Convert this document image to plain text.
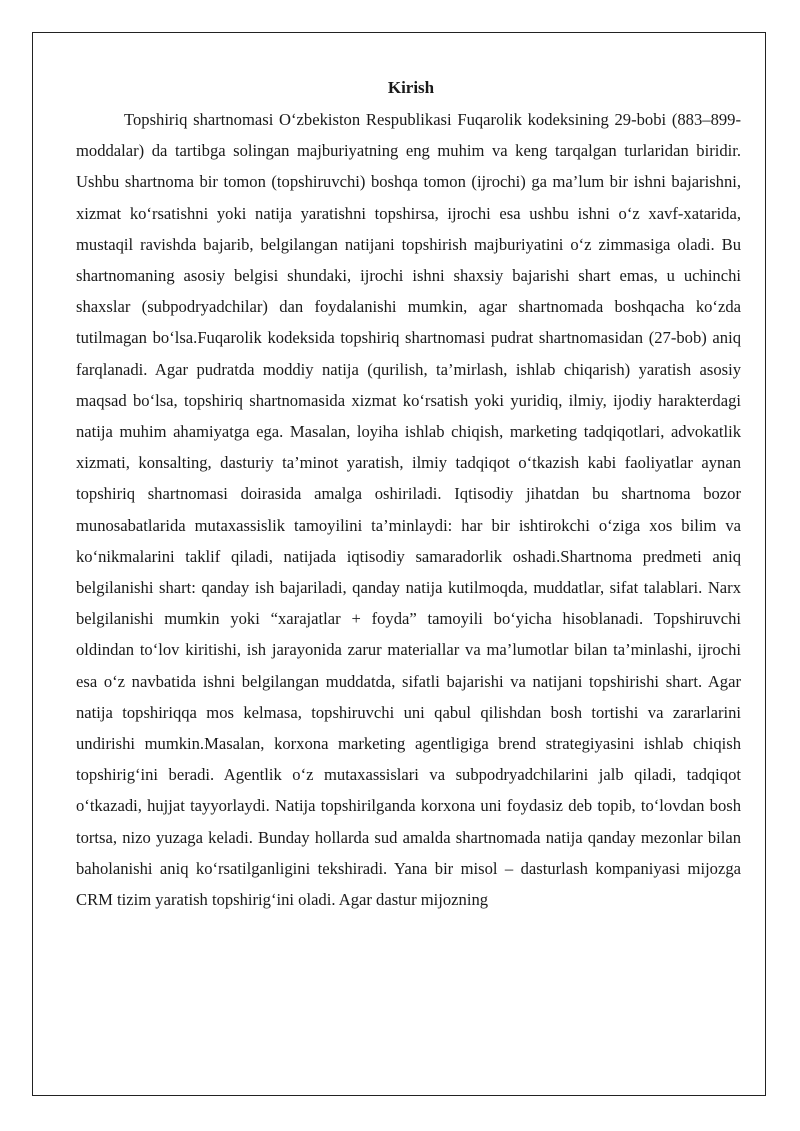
Kirish

Topshiriq shartnomasi O‘zbekiston Respublikasi Fuqarolik kodeksining 29-bobi (883–899-moddalar) da tartibga solingan majburiyatning eng muhim va keng tarqalgan turlaridan biridir. Ushbu shartnoma bir tomon (topshiruvchi) boshqa tomon (ijrochi) ga ma’lum bir ishni bajarishni, xizmat ko‘rsatishni yoki natija yaratishni topshirsa, ijrochi esa ushbu ishni o‘z xavf-xatarida, mustaqil ravishda bajarib, belgilangan natijani topshirish majburiyatini o‘z zimmasiga oladi. Bu shartnomaning asosiy belgisi shundaki, ijrochi ishni shaxsiy bajarishi shart emas, u uchinchi shaxslar (subpodryadchilar) dan foydalanishi mumkin, agar shartnomada boshqacha ko‘zda tutilmagan bo‘lsa.Fuqarolik kodeksida topshiriq shartnomasi pudrat shartnomasidan (27-bob) aniq farqlanadi. Agar pudratda moddiy natija (qurilish, ta’mirlash, ishlab chiqarish) yaratish asosiy maqsad bo‘lsa, topshiriq shartnomasida xizmat ko‘rsatish yoki yuridiq, ilmiy, ijodiy harakterdagi natija muhim ahamiyatga ega. Masalan, loyiha ishlab chiqish, marketing tadqiqotlari, advokatlik xizmati, konsalting, dasturiy ta’minot yaratish, ilmiy tadqiqot o‘tkazish kabi faoliyatlar aynan topshiriq shartnomasi doirasida amalga oshiriladi. Iqtisodiy jihatdan bu shartnoma bozor munosabatlarida mutaxassislik tamoyilini ta’minlaydi: har bir ishtirokchi o‘ziga xos bilim va ko‘nikmalarini taklif qiladi, natijada iqtisodiy samaradorlik oshadi.Shartnoma predmeti aniq belgilanishi shart: qanday ish bajariladi, qanday natija kutilmoqda, muddatlar, sifat talablari. Narx belgilanishi mumkin yoki “xarajatlar + foyda” tamoyili bo‘yicha hisoblanadi. Topshiruvchi oldindan to‘lov kiritishi, ish jarayonida zarur materiallar va ma’lumotlar bilan ta’minlashi, ijrochi esa o‘z navbatida ishni belgilangan muddatda, sifatli bajarishi va natijani topshirishi shart. Agar natija topshiriqqa mos kelmasa, topshiruvchi uni qabul qilishdan bosh tortishi va zararlarini undirishi mumkin.Masalan, korxona marketing agentligiga brend strategiyasini ishlab chiqish topshirig‘ini beradi. Agentlik o‘z mutaxassislari va subpodryadchilarini jalb qiladi, tadqiqot o‘tkazadi, hujjat tayyorlaydi. Natija topshirilganda korxona uni foydasiz deb topib, to‘lovdan bosh tortsa, nizo yuzaga keladi. Bunday hollarda sud amalda shartnomada natija qanday mezonlar bilan baholanishi aniq ko‘rsatilganligini tekshiradi. Yana bir misol – dasturlash kompaniyasi mijozga CRM tizim yaratish topshirig‘ini oladi. Agar dastur mijozning
